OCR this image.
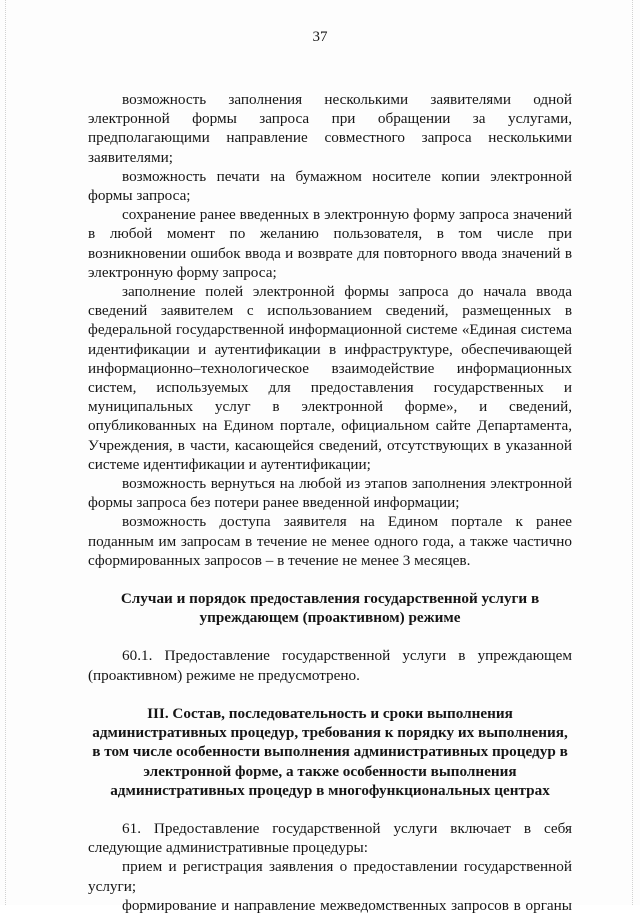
37

возможность заполнения несколькими заявителями одной электронной формы запроса при обращении за услугами, предполагающими направление совместного запроса несколькими заявителями;

возможность печати на бумажном носителе копии электронной формы запроса;

сохранение ранее введенных в электронную форму запроса значений в любой момент по желанию пользователя, в том числе при возникновении ошибок ввода и возврате для повторного ввода значений в электронную форму запроса;

заполнение полей электронной формы запроса до начала ввода сведений заявителем с использованием сведений, размещенных в федеральной государственной информационной системе «Единая система идентификации и аутентификации в инфраструктуре, обеспечивающей информационно–технологическое взаимодействие информационных систем, используемых для предоставления государственных и муниципальных услуг в электронной форме», и сведений, опубликованных на Едином портале, официальном сайте Департамента, Учреждения, в части, касающейся сведений, отсутствующих в указанной системе идентификации и аутентификации;

возможность вернуться на любой из этапов заполнения электронной формы запроса без потери ранее введенной информации;

возможность доступа заявителя на Едином портале к ранее поданным им запросам в течение не менее одного года, а также частично сформированных запросов – в течение не менее 3 месяцев.

Случаи и порядок предоставления государственной услуги в упреждающем (проактивном) режиме

60.1. Предоставление государственной услуги в упреждающем (проактивном) режиме не предусмотрено.

III. Состав, последовательность и сроки выполнения административных процедур, требования к порядку их выполнения, в том числе особенности выполнения административных процедур в электронной форме, а также особенности выполнения административных процедур в многофункциональных центрах

61. Предоставление государственной услуги включает в себя следующие административные процедуры:

прием и регистрация заявления о предоставлении государственной услуги;

формирование и направление межведомственных запросов в органы
